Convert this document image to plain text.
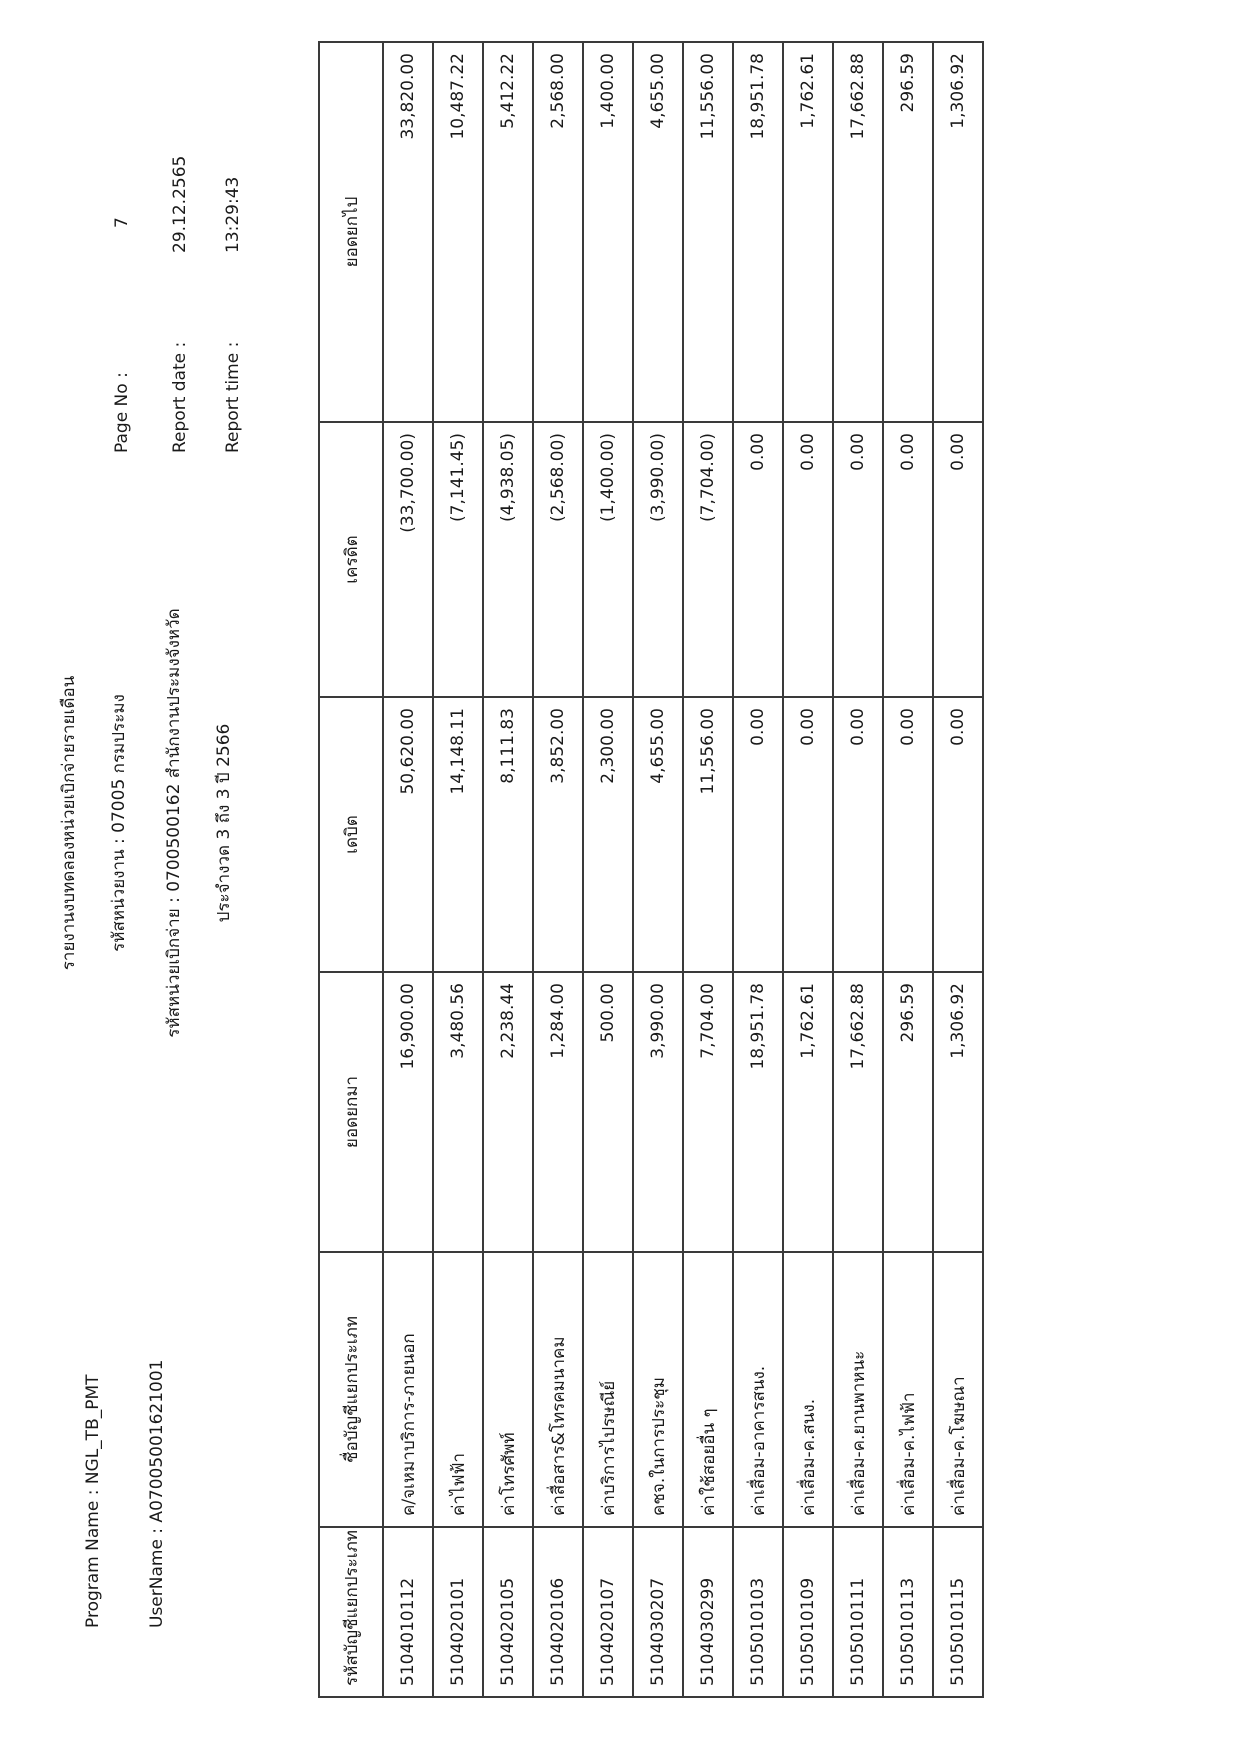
Program Name : NGL_TB_PMT	UserName : A07005001621001
รายงานงบทดลองหน่วยเบิกจ่ายรายเดือน รหัสหน่วยงาน : 07005 กรมประมง รหัสหน่วยเบิกจ่าย : 0700500162 สำนักงานประมงจังหวัด ประจำงวด 3 ถึง 3 ปี 2566
Page No :
7
Report date :
29.12.2565
Report time :
13:29:43
รหัสบัญชีแยกประเภท	ชื่อบัญชีแยกประเภท	ยอดยกมา	เดบิต	เครดิต	ยอดยกไป
5104010112	ค/จเหมาบริการ-ภายนอก	16,900.00	50,620.00	(33,700.00)	33,820.00
5104020101	ค่าไฟฟ้า	3,480.56	14,148.11	(7,141.45)	10,487.22
5104020105	ค่าโทรศัพท์	2,238.44	8,111.83	(4,938.05)	5,412.22
5104020106	ค่าสื่อสาร&โทรคมนาคม	1,284.00	3,852.00	(2,568.00)	2,568.00
5104020107	ค่าบริการไปรษณีย์	500.00	2,300.00	(1,400.00)	1,400.00
5104030207	คชจ.ในการประชุม	3,990.00	4,655.00	(3,990.00)	4,655.00
5104030299	ค่าใช้สอยอื่น ๆ	7,704.00	11,556.00	(7,704.00)	11,556.00
5105010103	ค่าเสื่อม-อาคารสนง.	18,951.78	0.00	0.00	18,951.78
5105010109	ค่าเสื่อม-ค.สนง.	1,762.61	0.00	0.00	1,762.61
5105010111	ค่าเสื่อม-ค.ยานพาหนะ	17,662.88	0.00	0.00	17,662.88
5105010113	ค่าเสื่อม-ค.ไฟฟ้า	296.59	0.00	0.00	296.59
5105010115	ค่าเสื่อม-ค.โฆษณา	1,306.92	0.00	0.00	1,306.92
